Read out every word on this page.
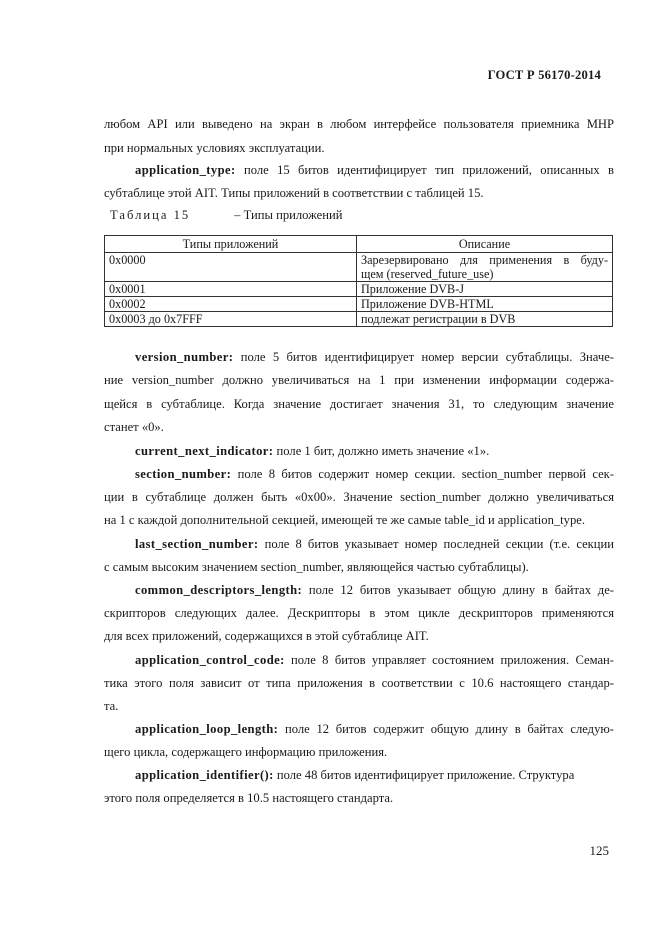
ГОСТ Р 56170-2014
любом API или выведено на экран в любом интерфейсе пользователя приемника МНР
при нормальных условиях эксплуатации.
application_type: поле 15 битов идентифицирует тип приложений, описанных в
субтаблице этой AIT. Типы приложений в соответствии с таблицей 15.
Таблица 15	– Типы приложений
Типы приложений	Описание
0x0000	Зарезервировано для применения в буду-
щем (reserved_future_use)
0x0001	Приложение DVB-J
0x0002	Приложение DVB-HTML
0x0003 до 0x7FFF	подлежат регистрации в DVB
version_number: поле 5 битов идентифицирует номер версии субтаблицы. Значе-
ние version_number должно увеличиваться на 1 при изменении информации содержа-
щейся в субтаблице. Когда значение достигает значения 31, то следующим значение
станет «0».
current_next_indicator: поле 1 бит, должно иметь значение «1».
section_number: поле 8 битов содержит номер секции. section_number первой сек-
ции в субтаблице должен быть «0x00». Значение section_number должно увеличиваться
на 1 с каждой дополнительной секцией, имеющей те же самые table_id и application_type.
last_section_number: поле 8 битов указывает номер последней секции (т.е. секции
с самым высоким значением section_number, являющейся частью субтаблицы).
common_descriptors_length: поле 12 битов указывает общую длину в байтах де-
скрипторов следующих далее. Дескрипторы в этом цикле дескрипторов применяются
для всех приложений, содержащихся в этой субтаблице AIT.
application_control_code: поле 8 битов управляет состоянием приложения. Семан-
тика этого поля зависит от типа приложения в соответствии с 10.6 настоящего стандар-
та.
application_loop_length: поле 12 битов содержит общую длину в байтах следую-
щего цикла, содержащего информацию приложения.
application_identifier(): поле 48 битов идентифицирует приложение. Структура
этого поля определяется в 10.5 настоящего стандарта.
125
